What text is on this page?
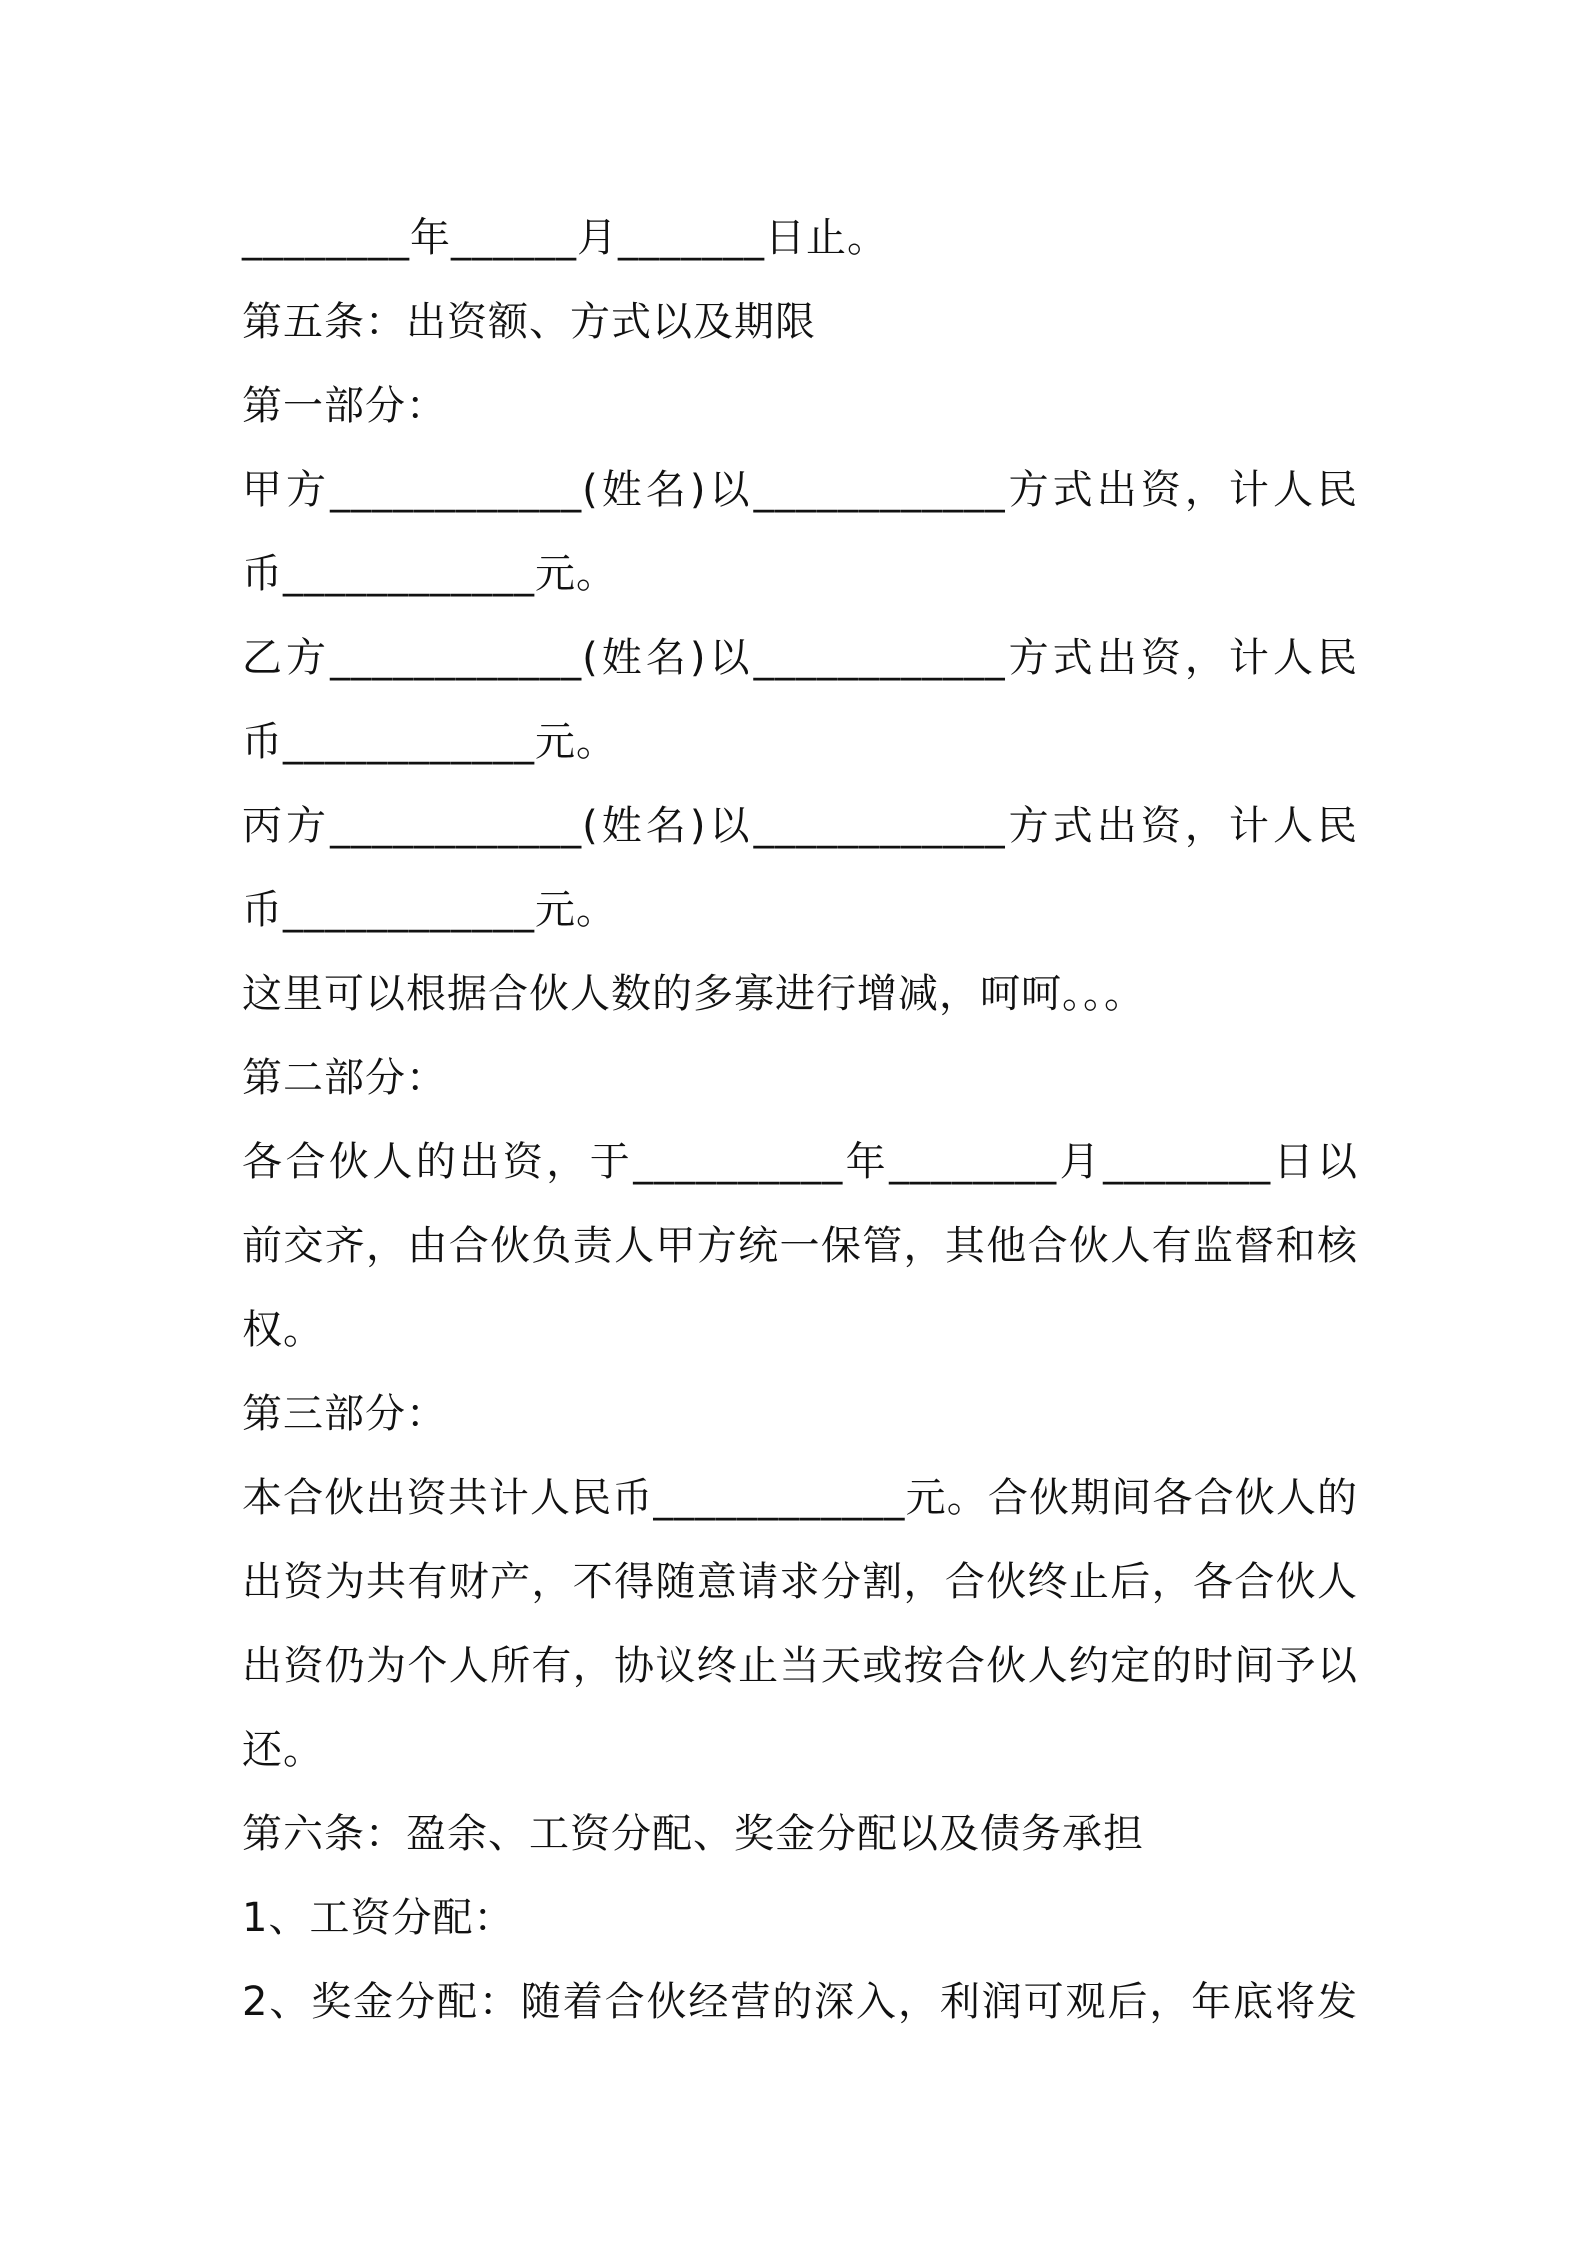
________年______月_______日止。
第五条：出资额、方式以及期限
第一部分：
甲方____________(姓名)以____________方式出资，计人民
币____________元。
乙方____________(姓名)以____________方式出资，计人民
币____________元。
丙方____________(姓名)以____________方式出资，计人民
币____________元。
这里可以根据合伙人数的多寡进行增减，呵呵。。。
第二部分：
各合伙人的出资，于__________年________月________日以
前交齐，由合伙负责人甲方统一保管，其他合伙人有监督和核
权。
第三部分：
本合伙出资共计人民币____________元。合伙期间各合伙人的
出资为共有财产，不得随意请求分割，合伙终止后，各合伙人
出资仍为个人所有，协议终止当天或按合伙人约定的时间予以
还。
第六条：盈余、工资分配、奖金分配以及债务承担
1、工资分配：
2、奖金分配：随着合伙经营的深入，利润可观后，年底将发
